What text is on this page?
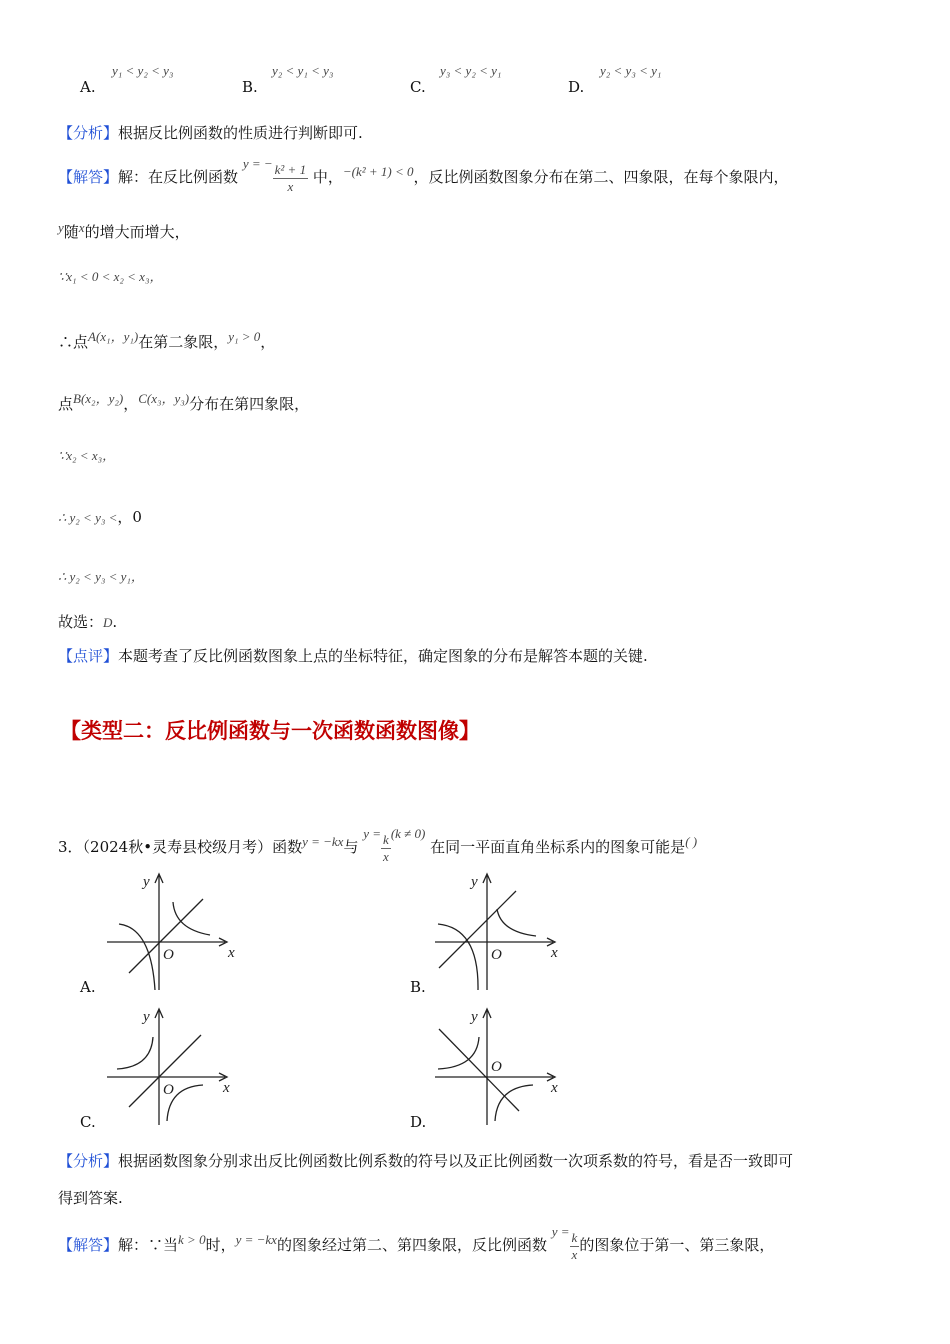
A.
y₁ < y₂ < y₃
B.
y₂ < y₁ < y₃
C.
y₃ < y₂ < y₁
D.
y₂ < y₃ < y₁
【分析】根据反比例函数的性质进行判断即可.
【解答】解：在反比例函数 y = − $\frac{\text{k² + 1}}{x}$ 中，−(k² + 1) < 0，反比例函数图象分布在第二、四象限，在每个象限内，
y随x的增大而增大，
∵x₁ < 0 < x₂ < x₃，
∴点A(x₁，y₁)在第二象限，y₁ > 0，
点B(x₂，y₂)，C(x₃，y₃)分布在第四象限，
∵x₂ < x₃，
∴ y₂ < y₃ <，0
∴ y₂ < y₃ < y₁，
故选：D.
【点评】本题考查了反比例函数图象上点的坐标特征，确定图象的分布是解答本题的关键.
【类型二：反比例函数与一次函数函数图像】
3．（2024秋•灵寿县校级月考）函数y = −kx与 $y = \frac{k}{x} (k \ne 0)$ 在同一平面直角坐标系内的图象可能是( )
x
y
O
A.
x
y
O
B.
x
y
O
C.
x
y
O
D.
【分析】根据函数图象分别求出反比例函数比例系数的符号以及正比例函数一次项系数的符号，看是否一致即可
得到答案.
【解答】解：∵当k > 0时，y = −kx的图象经过第二、第四象限，反比例函数 $y = \frac{k}{x}$ 的图象位于第一、第三象限，
